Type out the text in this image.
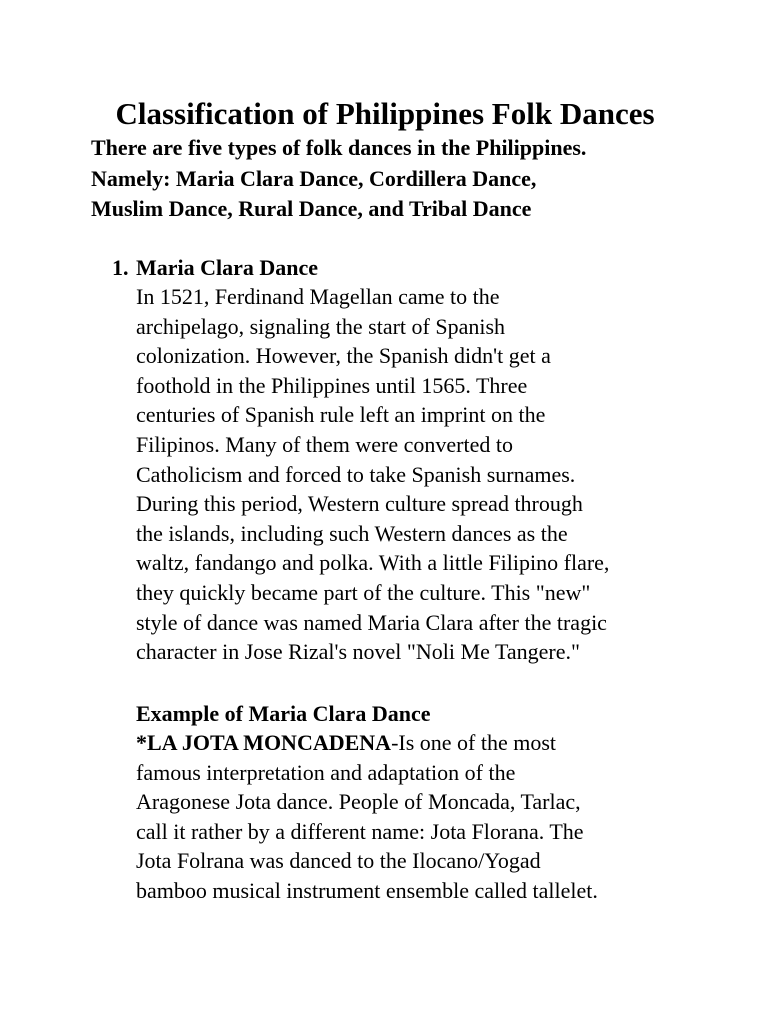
Classification of Philippines Folk Dances

There are five types of folk dances in the Philippines.
Namely: Maria Clara Dance, Cordillera Dance,
Muslim Dance, Rural Dance, and Tribal Dance

1. Maria Clara Dance

In 1521, Ferdinand Magellan came to the
archipelago, signaling the start of Spanish
colonization. However, the Spanish didn't get a
foothold in the Philippines until 1565. Three
centuries of Spanish rule left an imprint on the
Filipinos. Many of them were converted to
Catholicism and forced to take Spanish surnames.
During this period, Western culture spread through
the islands, including such Western dances as the
waltz, fandango and polka. With a little Filipino flare,
they quickly became part of the culture. This "new"
style of dance was named Maria Clara after the tragic
character in Jose Rizal's novel "Noli Me Tangere."

Example of Maria Clara Dance

*LA JOTA MONCADENA-Is one of the most
famous interpretation and adaptation of the
Aragonese Jota dance. People of Moncada, Tarlac,
call it rather by a different name: Jota Florana. The
Jota Folrana was danced to the Ilocano/Yogad
bamboo musical instrument ensemble called tallelet.
